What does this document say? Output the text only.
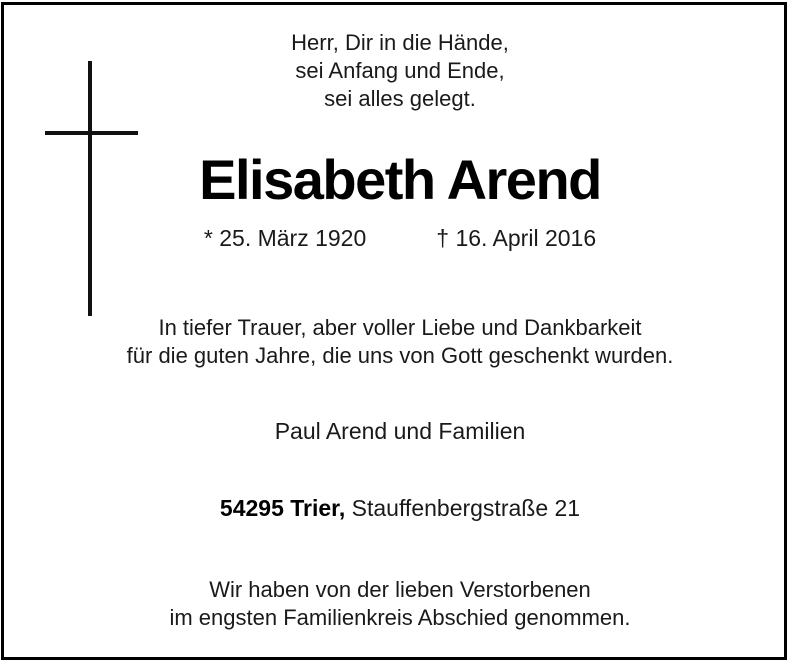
Herr, Dir in die Hände,
sei Anfang und Ende,
sei alles gelegt.
Elisabeth Arend
* 25. März 1920	† 16. April 2016
In tiefer Trauer, aber voller Liebe und Dankbarkeit
für die guten Jahre, die uns von Gott geschenkt wurden.
Paul Arend und Familien
54295 Trier, Stauffenbergstraße 21
Wir haben von der lieben Verstorbenen
im engsten Familienkreis Abschied genommen.
